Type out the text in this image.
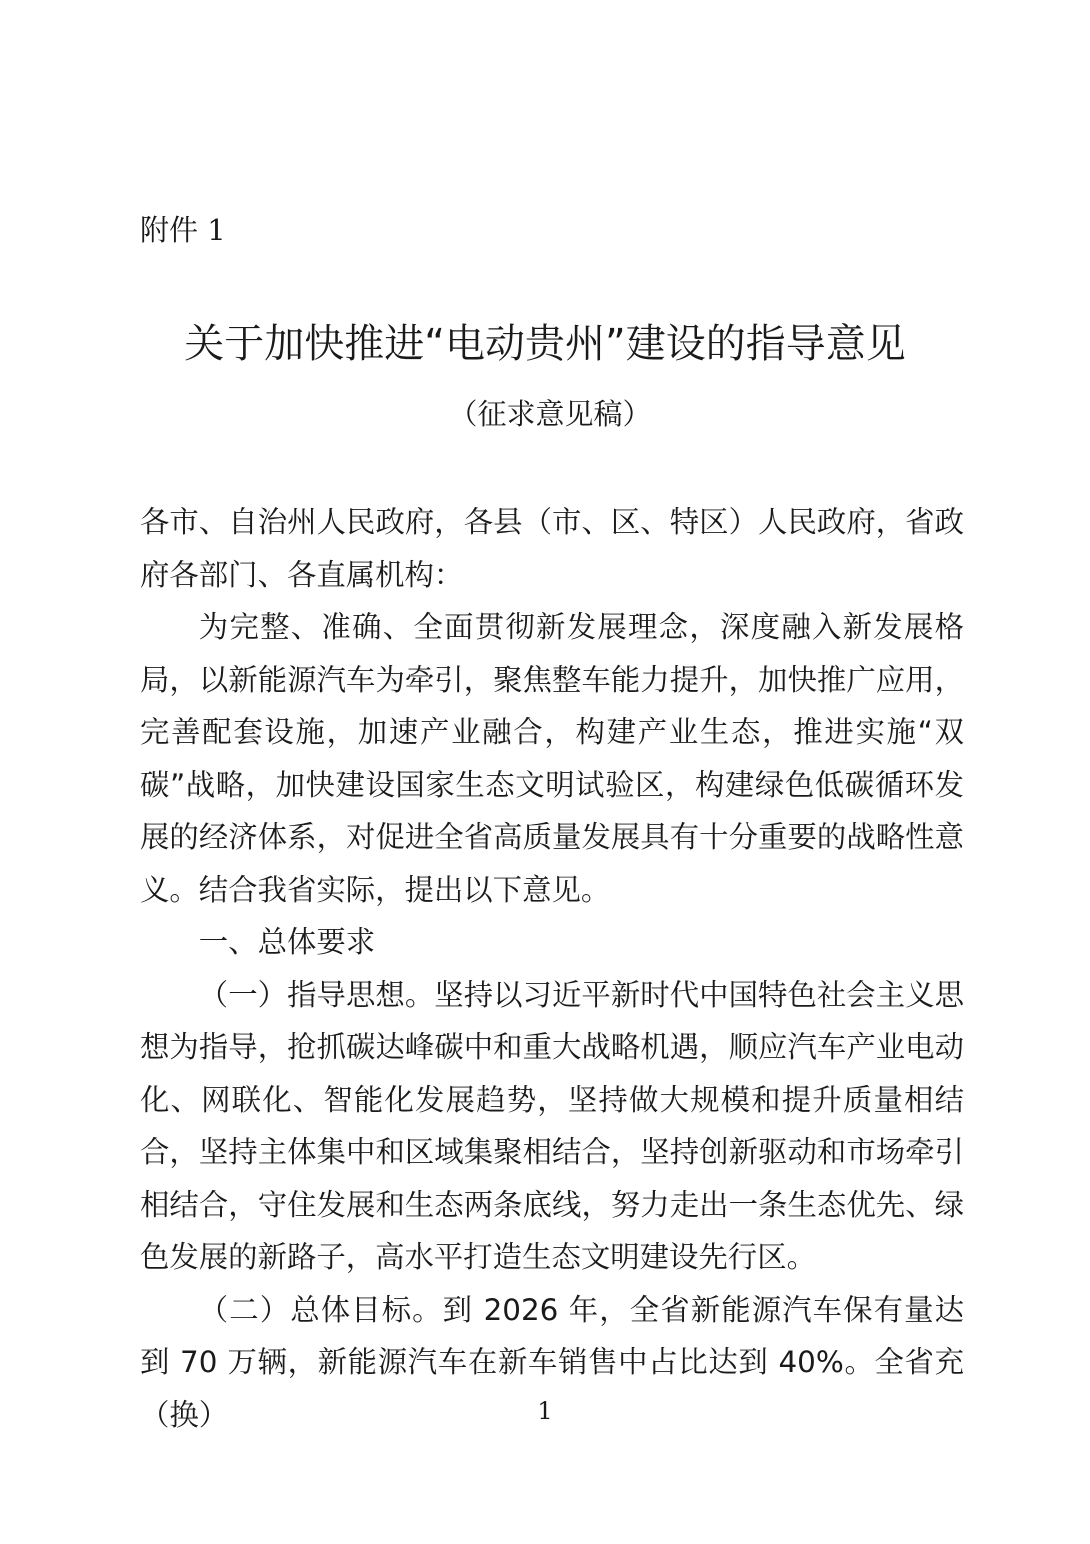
附件 1
关于加快推进“电动贵州”建设的指导意见
（征求意见稿）

各市、自治州人民政府，各县（市、区、特区）人民政府，省政府各部门、各直属机构：

为完整、准确、全面贯彻新发展理念，深度融入新发展格局，以新能源汽车为牵引，聚焦整车能力提升，加快推广应用，完善配套设施，加速产业融合，构建产业生态，推进实施“双碳”战略，加快建设国家生态文明试验区，构建绿色低碳循环发展的经济体系，对促进全省高质量发展具有十分重要的战略性意义。结合我省实际，提出以下意见。

一、总体要求

（一）指导思想。坚持以习近平新时代中国特色社会主义思想为指导，抢抓碳达峰碳中和重大战略机遇，顺应汽车产业电动化、网联化、智能化发展趋势，坚持做大规模和提升质量相结合，坚持主体集中和区域集聚相结合，坚持创新驱动和市场牵引相结合，守住发展和生态两条底线，努力走出一条生态优先、绿色发展的新路子，高水平打造生态文明建设先行区。

（二）总体目标。到 2026 年，全省新能源汽车保有量达到 70 万辆，新能源汽车在新车销售中占比达到 40%。全省充（换）	1
